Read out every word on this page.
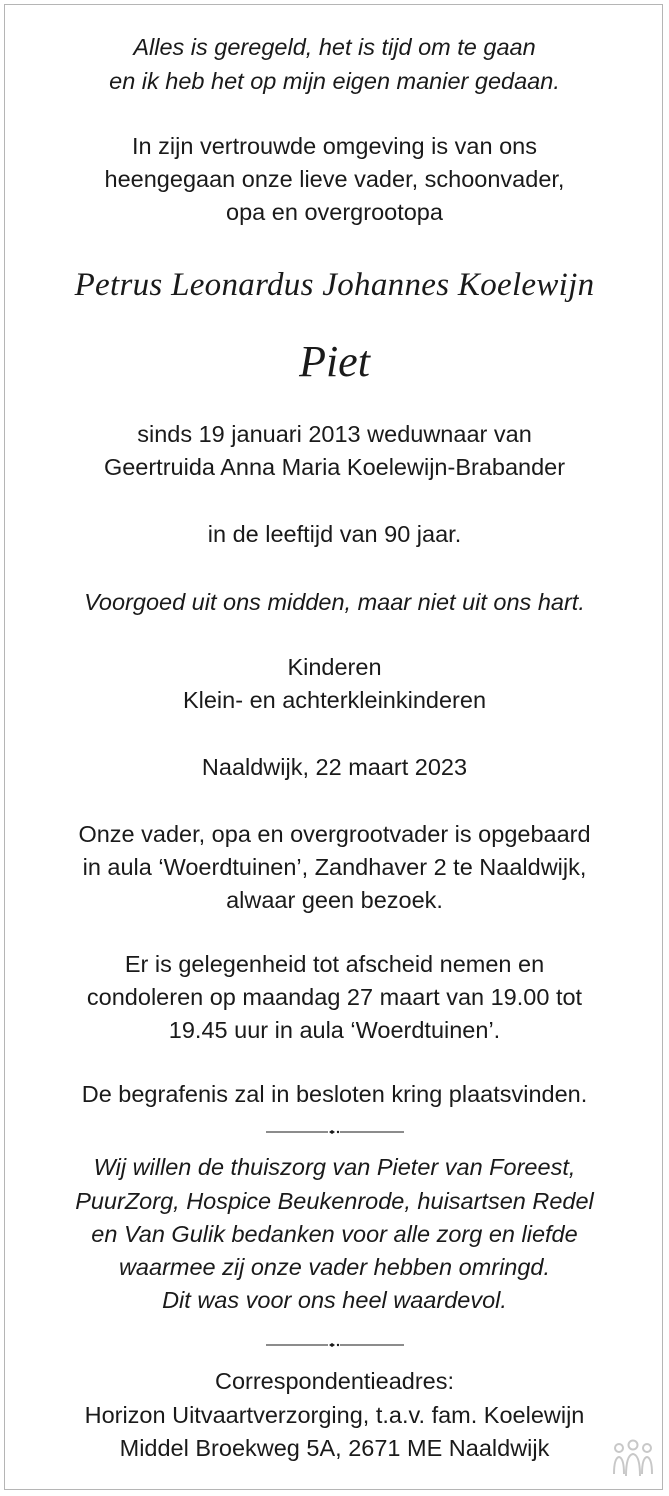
Alles is geregeld, het is tijd om te gaan
en ik heb het op mijn eigen manier gedaan.
In zijn vertrouwde omgeving is van ons
heengegaan onze lieve vader, schoonvader,
opa en overgrootopa
Petrus Leonardus Johannes Koelewijn
Piet
sinds 19 januari 2013 weduwnaar van
Geertruida Anna Maria Koelewijn-Brabander
in de leeftijd van 90 jaar.
Voorgoed uit ons midden, maar niet uit ons hart.
Kinderen
Klein- en achterkleinkinderen
Naaldwijk, 22 maart 2023
Onze vader, opa en overgrootvader is opgebaard
in aula ‘Woerdtuinen’, Zandhaver 2 te Naaldwijk,
alwaar geen bezoek.
Er is gelegenheid tot afscheid nemen en
condoleren op maandag 27 maart van 19.00 tot
19.45 uur in aula ‘Woerdtuinen’.
De begrafenis zal in besloten kring plaatsvinden.
Wij willen de thuiszorg van Pieter van Foreest,
PuurZorg, Hospice Beukenrode, huisartsen Redel
en Van Gulik bedanken voor alle zorg en liefde
waarmee zij onze vader hebben omringd.
Dit was voor ons heel waardevol.
Correspondentieadres:
Horizon Uitvaartverzorging, t.a.v. fam. Koelewijn
Middel Broekweg 5A, 2671 ME Naaldwijk
